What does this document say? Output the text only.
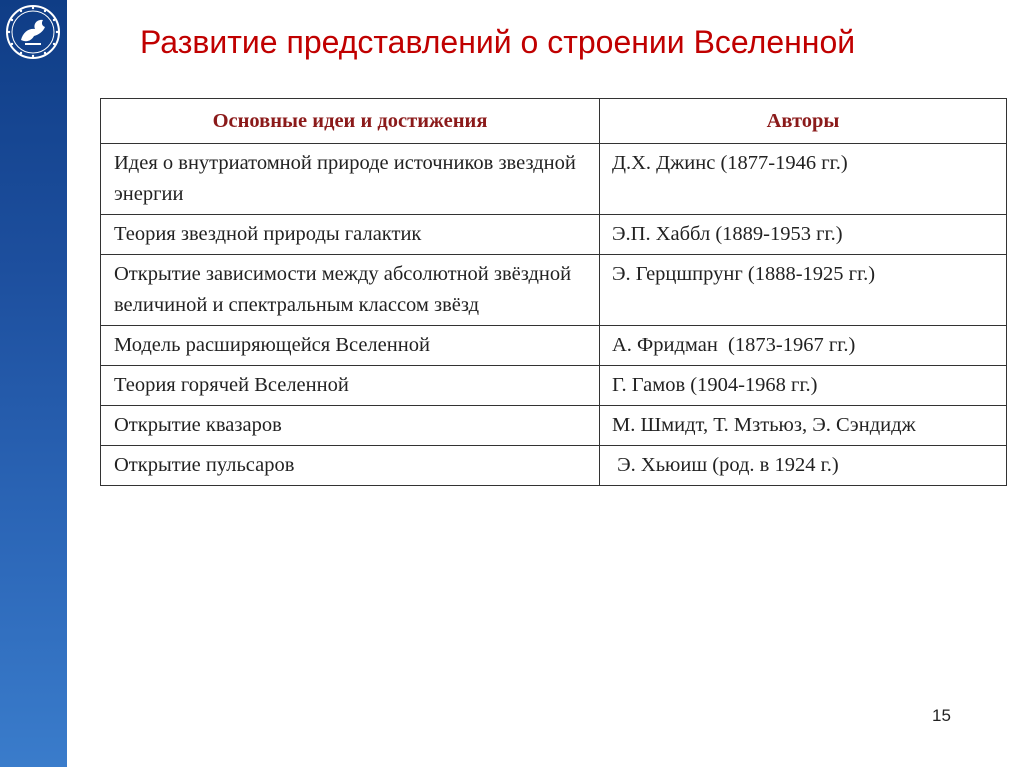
Развитие представлений о строении Вселенной
Основные идеи и достижения	Авторы
Идея о внутриатомной природе источников звездной энергии	Д.Х. Джинс (1877-1946 гг.)
Теория звездной природы галактик	Э.П. Хаббл (1889-1953 гг.)
Открытие зависимости между абсолютной звёздной величиной и спектральным классом звёзд	Э. Герцшпрунг (1888-1925 гг.)
Модель расширяющейся Вселенной	А. Фридман  (1873-1967 гг.)
Теория горячей Вселенной	Г. Гамов (1904-1968 гг.)
Открытие квазаров	М. Шмидт, Т. Мзтьюз, Э. Сэндидж
Открытие пульсаров	Э. Хьюиш (род. в 1924 г.)
15
